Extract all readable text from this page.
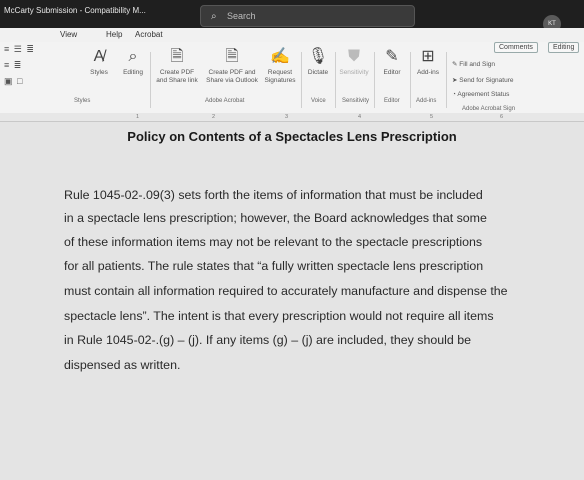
McCarty Submission - Compatibility M...
⌕ Search
KT
View	Help Acrobat
Comments	Editing
≡ ☰ ≣
≡ ≣
▣ □
A̸
Styles
⌕
Editing
Styles
🗎
Create PDF
and Share link
🗎
Create PDF and
Share via Outlook
✍
Request
Signatures
Adobe Acrobat
🎙
Dictate
Voice
⛊
Sensitivity
Sensitivity
✎
Editor
Editor
⊞
Add-ins
Add-ins
✎ Fill and Sign
➤ Send for Signature
◔ Agreement Status
Adobe Acrobat Sign
1	2	3	4	5	6
Policy on Contents of a Spectacles Lens Prescription
Rule 1045-02-.09(3) sets forth the items of information that must be included
in a spectacle lens prescription; however, the Board acknowledges that some
of these information items may not be relevant to the spectacle prescriptions
for all patients. The rule states that “a fully written spectacle lens prescription
must contain all information required to accurately manufacture and dispense the
spectacle lens”. The intent is that every prescription would not require all items
in Rule 1045-02-.(g) – (j). If any items (g) – (j) are included, they should be
dispensed as written.
